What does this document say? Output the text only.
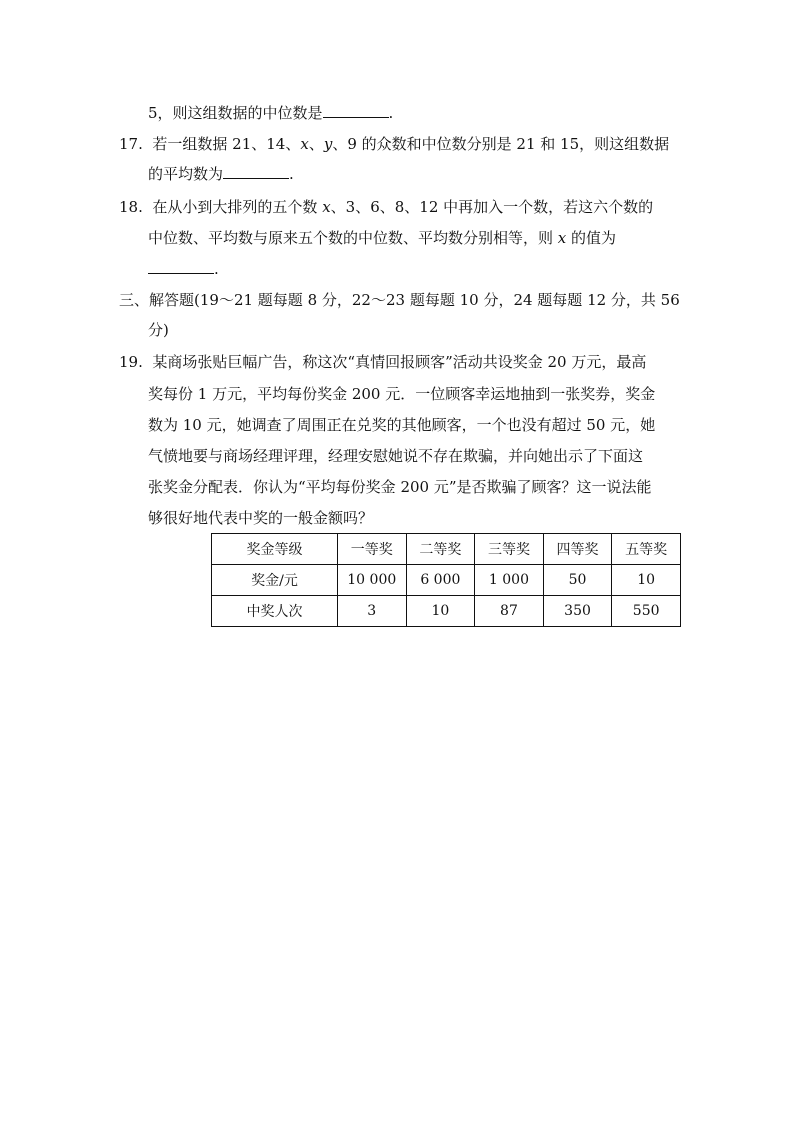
5，则这组数据的中位数是	.
17. 若一组数据 21、14、x、y、9 的众数和中位数分别是 21 和 15，则这组数据
的平均数为	.
18. 在从小到大排列的五个数 x、3、6、8、12 中再加入一个数，若这六个数的
中位数、平均数与原来五个数的中位数、平均数分别相等，则 x 的值为
.
三、解答题(19～21 题每题 8 分，22～23 题每题 10 分，24 题每题 12 分，共 56
分)
19. 某商场张贴巨幅广告，称这次“真情回报顾客”活动共设奖金 20 万元，最高
奖每份 1 万元，平均每份奖金 200 元．一位顾客幸运地抽到一张奖券，奖金
数为 10 元，她调查了周围正在兑奖的其他顾客，一个也没有超过 50 元，她
气愤地要与商场经理评理，经理安慰她说不存在欺骗，并向她出示了下面这
张奖金分配表．你认为“平均每份奖金 200 元”是否欺骗了顾客？这一说法能
够很好地代表中奖的一般金额吗？
奖金等级	一等奖	二等奖	三等奖	四等奖	五等奖
奖金/元	10 000	6 000	1 000	50	10
中奖人次	3	10	87	350	550
